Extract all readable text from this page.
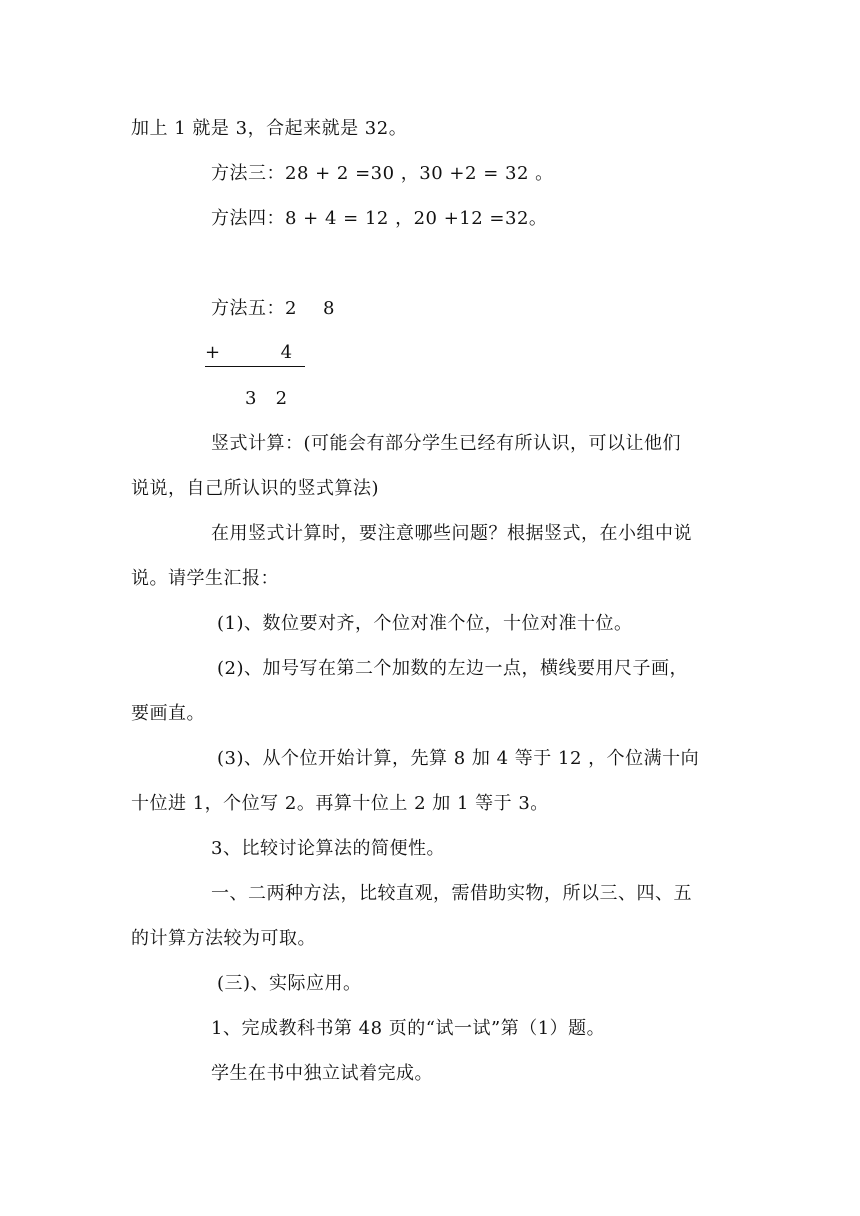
加上 1 就是 3，合起来就是 32。
方法三：28 + 2 =30 ，30 +2 = 32 。
方法四：8 + 4 = 12 ，20 +12 =32。
方法五：2 8
+	4
3   2
竖式计算：(可能会有部分学生已经有所认识，可以让他们
说说，自己所认识的竖式算法)
在用竖式计算时，要注意哪些问题？根据竖式，在小组中说
说。请学生汇报：
(1)、数位要对齐，个位对准个位，十位对准十位。
(2)、加号写在第二个加数的左边一点，横线要用尺子画，
要画直。
(3)、从个位开始计算，先算 8 加 4 等于 12 ，个位满十向
十位进 1，个位写 2。再算十位上 2 加 1 等于 3。
3、比较讨论算法的简便性。
一、二两种方法，比较直观，需借助实物，所以三、四、五
的计算方法较为可取。
(三)、实际应用。
1、完成教科书第 48 页的“试一试”第（1）题。
学生在书中独立试着完成。
